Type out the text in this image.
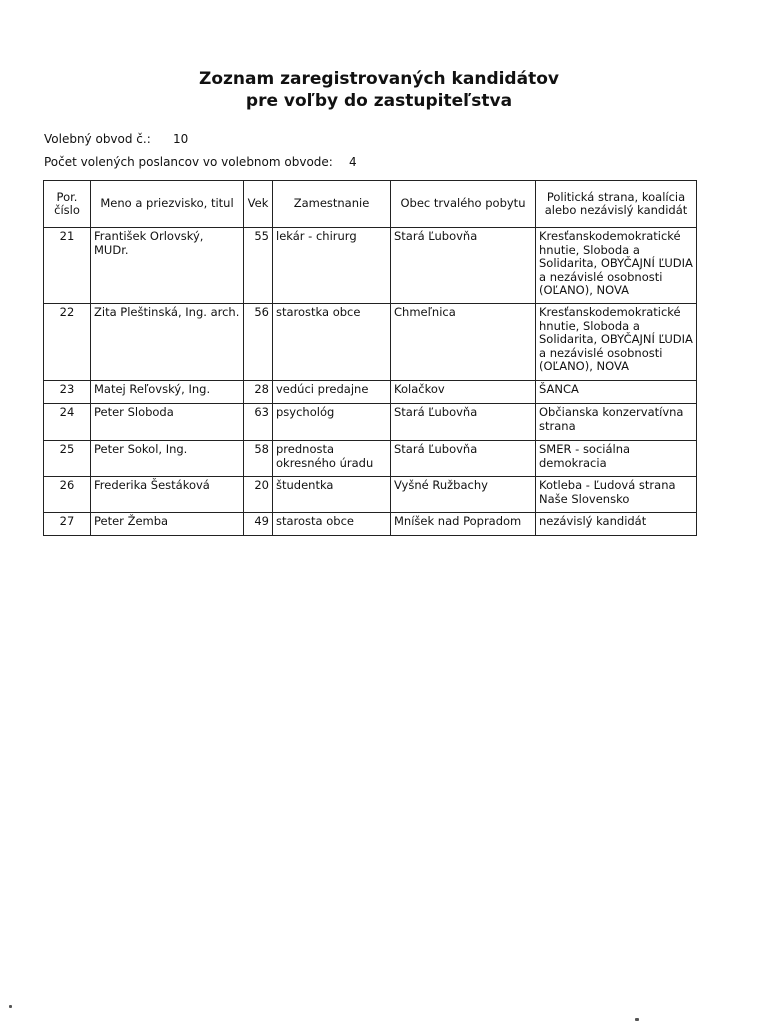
Zoznam zaregistrovaných kandidátov
pre voľby do zastupiteľstva
Volebný obvod č.: 10
Počet volených poslancov vo volebnom obvode: 4
Por. číslo	Meno a priezvisko, titul	Vek	Zamestnanie	Obec trvalého pobytu	Politická strana, koalícia alebo nezávislý kandidát
21	František Orlovský, MUDr.	55	lekár - chirurg	Stará Ľubovňa	Kresťanskodemokratické hnutie, Sloboda a Solidarita, OBYČAJNÍ ĽUDIA a nezávislé osobnosti (OĽANO), NOVA
22	Zita Pleštinská, Ing. arch.	56	starostka obce	Chmeľnica	Kresťanskodemokratické hnutie, Sloboda a Solidarita, OBYČAJNÍ ĽUDIA a nezávislé osobnosti (OĽANO), NOVA
23	Matej Reľovský, Ing.	28	vedúci predajne	Kolačkov	ŠANCA
24	Peter Sloboda	63	psychológ	Stará Ľubovňa	Občianska konzervatívna strana
25	Peter Sokol, Ing.	58	prednosta okresného úradu	Stará Ľubovňa	SMER - sociálna demokracia
26	Frederika Šestáková	20	študentka	Vyšné Ružbachy	Kotleba - Ľudová strana Naše Slovensko
27	Peter Žemba	49	starosta obce	Mníšek nad Popradom	nezávislý kandidát
